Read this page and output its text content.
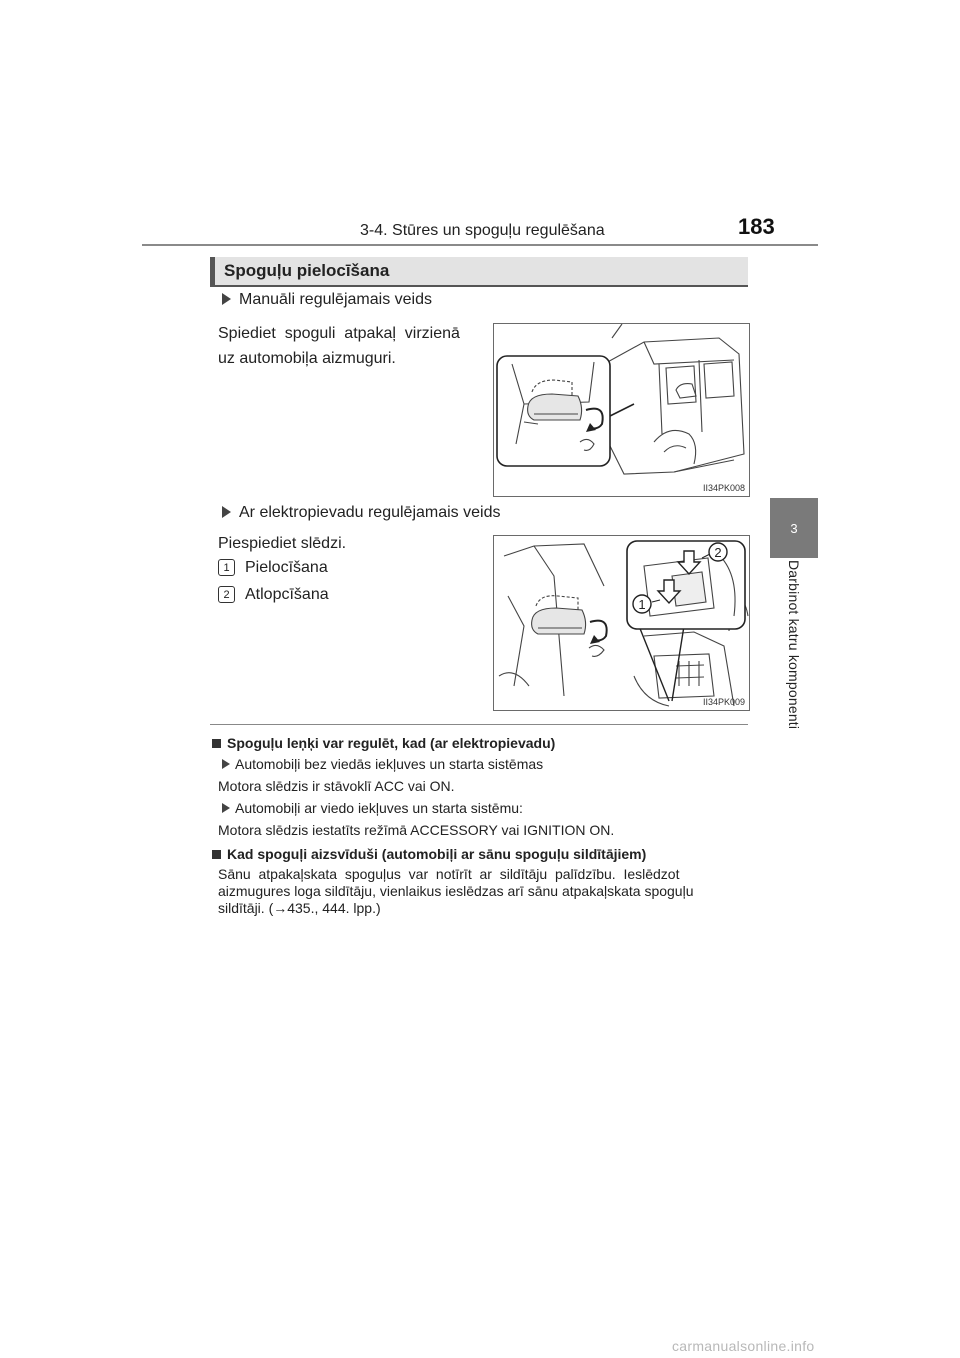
3-4. Stūres un spoguļu regulēšana	183
3
Darbinot katru komponenti
Spoguļu pielocīšana
Manuāli regulējamais veids
Spiediet  spoguli  atpakaļ  virzienā
uz automobiļa aizmuguri.
II34PK008
Ar elektropievadu regulējamais veids
Piespiediet slēdzi.
1 Pielocīšana
2 Atlopcīšana
2
1
II34PK009
Spoguļu leņķi var regulēt, kad (ar elektropievadu)
Automobiļi bez viedās iekļuves un starta sistēmas
Motora slēdzis ir stāvoklī ACC vai ON.
Automobiļi ar viedo iekļuves un starta sistēmu:
Motora slēdzis iestatīts režīmā ACCESSORY vai IGNITION ON.
Kad spoguļi aizsvīduši (automobiļi ar sānu spoguļu sildītājiem)
Sānu  atpakaļskata  spoguļus  var  notīrīt  ar  sildītāju  palīdzību.  Ieslēdzot
aizmugures loga sildītāju, vienlaikus ieslēdzas arī sānu atpakaļskata spoguļu
sildītāji. (→435., 444. lpp.)
carmanualsonline.info
